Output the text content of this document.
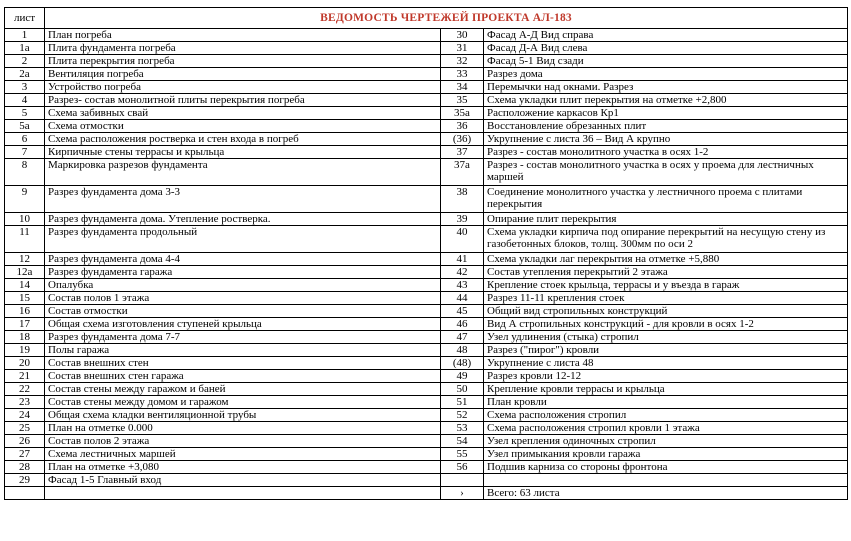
лист	ВЕДОМОСТЬ ЧЕРТЕЖЕЙ ПРОЕКТА АЛ-183		
1	План погреба	30	Фасад А-Д Вид справа
1а	Плита фундамента погреба	31	Фасад Д-А Вид слева
2	Плита перекрытия погреба	32	Фасад 5-1 Вид сзади
2а	Вентиляция погреба	33	Разрез дома
3	Устройство погреба	34	Перемычки над окнами. Разрез
4	Разрез- состав монолитной плиты перекрытия погреба	35	Схема укладки плит перекрытия на отметке +2,800
5	Схема забивных свай	35а	Расположение каркасов Кр1
5а	Схема отмостки	36	Восстановление обрезанных плит
6	Схема расположения ростверка и стен входа в погреб	(36)	Укрупнение с листа 36 – Вид А крупно
7	Кирпичные стены террасы и крыльца	37	Разрез - состав монолитного участка в осях 1-2
8	Маркировка разрезов фундамента	37а	Разрез - состав монолитного участка в осях у проема для лестничных маршей
9	Разрез фундамента дома 3-3	38	Соединение монолитного участка у лестничного проема с плитами перекрытия
10	Разрез фундамента дома. Утепление ростверка.	39	Опирание плит перекрытия
11	Разрез фундамента продольный	40	Схема укладки кирпича под опирание перекрытий на несущую стену из газобетонных блоков, толщ. 300мм по оси 2
12	Разрез фундамента дома 4-4	41	Схема укладки лаг перекрытия на отметке +5,880
12а	Разрез фундамента гаража	42	Состав утепления перекрытий 2 этажа
14	Опалубка	43	Крепление стоек крыльца, террасы и у въезда в гараж
15	Состав полов 1 этажа	44	Разрез 11-11 крепления стоек
16	Состав отмостки	45	Общий вид стропильных конструкций
17	Общая схема изготовления ступеней крыльца	46	Вид А стропильных конструкций - для кровли в осях 1-2
18	Разрез фундамента дома 7-7	47	Узел удлинения (стыка) стропил
19	Полы гаража	48	Разрез ("пирог") кровли
20	Состав внешних стен	(48)	Укрупнение с листа 48
21	Состав внешних стен гаража	49	Разрез кровли 12-12
22	Состав стены между гаражом и баней	50	Крепление кровли террасы и крыльца
23	Состав стены между домом и гаражом	51	План кровли
24	Общая схема кладки вентиляционной трубы	52	Схема расположения стропил
25	План на отметке 0.000	53	Схема расположения стропил кровли 1 этажа
26	Состав полов 2 этажа	54	Узел крепления одиночных стропил
27	Схема лестничных маршей	55	Узел примыкания кровли гаража
28	План на отметке +3,080	56	Подшив карниза со стороны фронтона
29	Фасад 1-5 Главный вход		
		›	Всего: 63 листа
